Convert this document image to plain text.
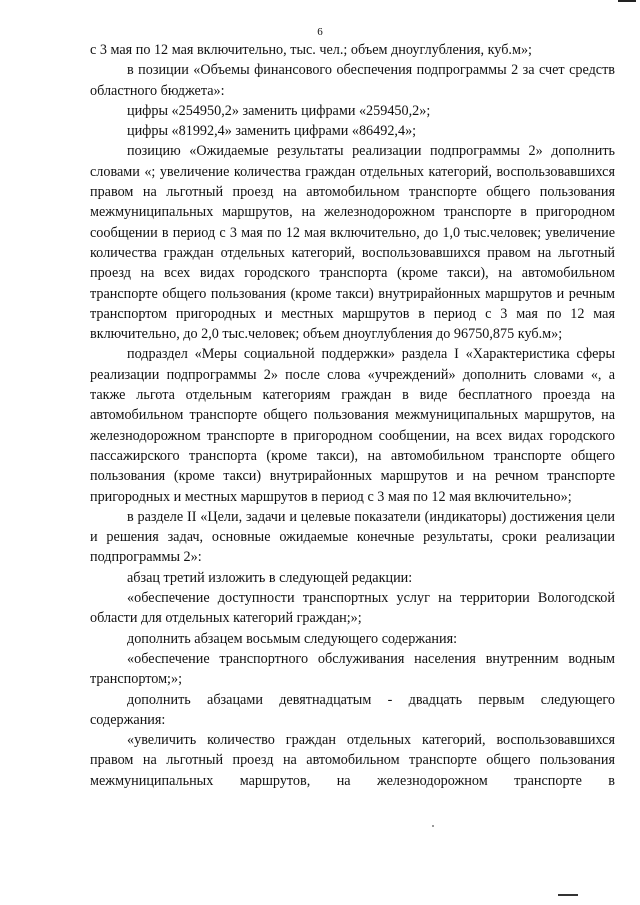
6

с 3 мая по 12 мая включительно, тыс. чел.; объем дноуглубления, куб.м»;

в позиции «Объемы финансового обеспечения подпрограммы 2 за счет средств областного бюджета»:

цифры «254950,2» заменить цифрами «259450,2»;

цифры «81992,4» заменить цифрами «86492,4»;

позицию «Ожидаемые результаты реализации подпрограммы 2» дополнить словами «; увеличение количества граждан отдельных категорий, воспользовавшихся правом на льготный проезд на автомобильном транспорте общего пользования межмуниципальных маршрутов, на железнодорожном транспорте в пригородном сообщении в период с 3 мая по 12 мая включительно, до 1,0 тыс.человек; увеличение количества граждан отдельных категорий, воспользовавшихся правом на льготный проезд на всех видах городского транспорта (кроме такси), на автомобильном транспорте общего пользования (кроме такси) внутрирайонных маршрутов и речным транспортом пригородных и местных маршрутов в период с 3 мая по 12 мая включительно, до 2,0 тыс.человек; объем дноуглубления до 96750,875 куб.м»;

подраздел «Меры социальной поддержки» раздела I «Характеристика сферы реализации подпрограммы 2» после слова «учреждений» дополнить словами «, а также льгота отдельным категориям граждан в виде бесплатного проезда на автомобильном транспорте общего пользования межмуниципальных маршрутов, на железнодорожном транспорте в пригородном сообщении, на всех видах городского пассажирского транспорта (кроме такси), на автомобильном транспорте общего пользования (кроме такси) внутрирайонных маршрутов и на речном транспорте пригородных и местных маршрутов в период с 3 мая по 12 мая включительно»;

в разделе II «Цели, задачи и целевые показатели (индикаторы) достижения цели и решения задач, основные ожидаемые конечные результаты, сроки реализации подпрограммы 2»:

абзац третий изложить в следующей редакции:

«обеспечение доступности транспортных услуг на территории Вологодской области для отдельных категорий граждан;»;

дополнить абзацем восьмым следующего содержания:

«обеспечение транспортного обслуживания населения внутренним водным транспортом;»;

дополнить абзацами девятнадцатым - двадцать первым следующего содержания:

«увеличить количество граждан отдельных категорий, воспользовавшихся правом на льготный проезд на автомобильном транспорте общего пользования межмуниципальных маршрутов, на железнодорожном транспорте в
